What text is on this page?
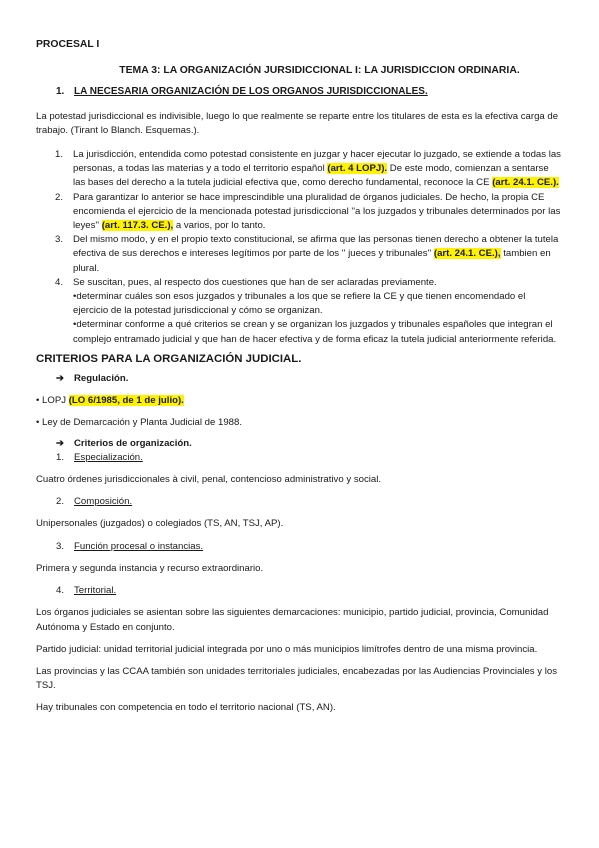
PROCESAL I

TEMA 3: LA ORGANIZACIÓN JURSIDICCIONAL I: LA JURISDICCION ORDINARIA.

1. LA NECESARIA ORGANIZACIÓN DE LOS ORGANOS JURISDICCIONALES.

La potestad jurisdiccional es indivisible, luego lo que realmente se reparte entre los titulares de esta es la efectiva carga de trabajo. (Tirant lo Blanch. Esquemas.).

1. La jurisdicción, entendida como potestad consistente en juzgar y hacer ejecutar lo juzgado, se extiende a todas las personas, a todas las materias y a todo el territorio español (art. 4 LOPJ). De este modo, comienzan a sentarse las bases del derecho a la tutela judicial efectiva que, como derecho fundamental, reconoce la CE (art. 24.1. CE.).
2. Para garantizar lo anterior se hace imprescindible una pluralidad de órganos judiciales. De hecho, la propia CE encomienda el ejercicio de la mencionada potestad jurisdiccional ''a los juzgados y tribunales determinados por las leyes'' (art. 117.3. CE.), a varios, por lo tanto.
3. Del mismo modo, y en el propio texto constitucional, se afirma que las personas tienen derecho a obtener la tutela efectiva de sus derechos e intereses legítimos por parte de los '' jueces y tribunales'' (art. 24.1. CE.), tambien en plural.
4. Se suscitan, pues, al respecto dos cuestiones que han de ser aclaradas previamente.
•determinar cuáles son esos juzgados y tribunales a los que se refiere la CE y que tienen encomendado el ejercicio de la potestad jurisdiccional y cómo se organizan.
•determinar conforme a qué criterios se crean y se organizan los juzgados y tribunales españoles que integran el complejo entramado judicial y que han de hacer efectiva y de forma eficaz la tutela judicial anteriormente referida.

CRITERIOS PARA LA ORGANIZACIÓN JUDICIAL.

➔ Regulación.

• LOPJ (LO 6/1985, de 1 de julio).

• Ley de Demarcación y Planta Judicial de 1988.

➔ Criterios de organización.

1. Especialización.

Cuatro órdenes jurisdiccionales à civil, penal, contencioso administrativo y social.

2. Composición.

Unipersonales (juzgados) o colegiados (TS, AN, TSJ, AP).

3. Función procesal o instancias.

Primera y segunda instancia y recurso extraordinario.

4. Territorial.

Los órganos judiciales se asientan sobre las siguientes demarcaciones: municipio, partido judicial, provincia, Comunidad Autónoma y Estado en conjunto.

Partido judicial: unidad territorial judicial integrada por uno o más municipios limítrofes dentro de una misma provincia.

Las provincias y las CCAA también son unidades territoriales judiciales, encabezadas por las Audiencias Provinciales y los TSJ.

Hay tribunales con competencia en todo el territorio nacional (TS, AN).
